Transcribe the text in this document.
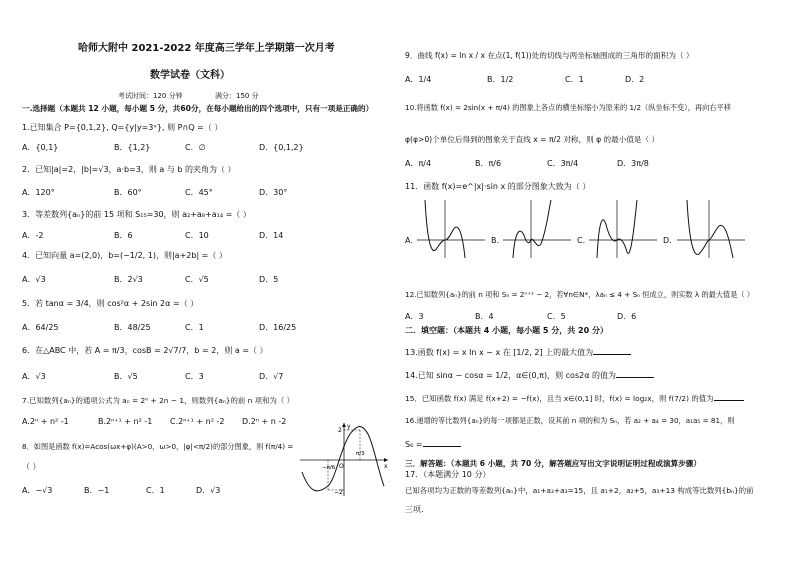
哈师大附中 2021-2022 年度高三学年上学期第一次月考
数学试卷（文科）
考试时间：120 分钟	满分：150 分
一.选择题（本题共 12 小题，每小题 5 分，共60分，在每小题给出的四个选项中，只有一项是正确的）
1.已知集合 P={0,1,2}, Q={y|y=3ˣ}, 则 P∩Q =（ ）
A．{0,1}	B．{1,2}	C．∅	D．{0,1,2}
2．已知|a|=2，|b|=√3，a·b=3，则 a 与 b 的夹角为（ ）
A．120°	B．60°	C．45°	D．30°
3．等差数列{aₙ}的前 15 项和 S₁₅=30，则 a₂+a₈+a₁₄ =（ ）
A．-2	B．6	C．10	D．14
4．已知向量 a=(2,0)，b=(−1/2, 1)，则|a+2b| =（ ）
A．√3	B．2√3	C．√5	D．5
5．若 tanα = 3/4，则 cos²α + 2sin 2α =（ ）
A．64/25	B．48/25	C．1	D．16/25
6．在△ABC 中，若 A = π/3，cosB = 2√7/7，b = 2，则 a =（ ）
A．√3	B．√5	C．3	D．√7
7.已知数列{aₙ}的通项公式为 aₙ = 2ⁿ + 2n − 1，则数列{aₙ}的前 n 项和为（ ）
A.2ⁿ + n² -1	B.2ⁿ⁺¹ + n² -1 C.2ⁿ⁺¹ + n² -2 D.2ⁿ + n -2
8．如图是函数 f(x)=Acos(ωx+φ)(A>0，ω>0，|φ|<π/2)的部分图象，则 f(π/4) =
（ ）
A．−√3	B．−1	C．1	D．√3
2
−2
−π/6
π/3
O	x
y
9．曲线 f(x) = ln x / x 在点(1, f(1))处的切线与两坐标轴围成的三角形的面积为（ ）
A．1/4	B．1/2	C．1	D．2
10.将函数 f(x) = 2sin(x + π/4) 的图象上各点的横坐标缩小为原来的 1/2（纵坐标不变），再向右平移
φ(φ>0)个单位后得到的图象关于直线 x = π/2 对称，则 φ 的最小值是（ ）
A．π/4	B．π/6	C．3π/4	D．3π/8
11．函数 f(x)=e^|x|·sin x 的部分图象大致为（ ）
A.	B.	C.	D.
12.已知数列{aₙ}的前 n 项和 Sₙ = 2ⁿ⁺¹ − 2，若∀n∈N*，λaₙ ≤ 4 + Sₙ 恒成立，则实数 λ 的最大值是（ ）
A．3	B．4	C．5	D．6
二．填空题：（本题共 4 小题，每小题 5 分，共 20 分）
13.函数 f(x) = x ln x − x 在 [1/2, 2] 上的最大值为
14.已知 sinα − cosα = 1/2，α∈(0,π)，则 cos2α 的值为
15．已知函数 f(x) 满足 f(x+2) = −f(x)，且当 x∈(0,1] 时，f(x) = log₂x，则 f(7/2) 的值为
16.递增的等比数列{aₙ}的每一项都是正数，设其前 n 项的和为 Sₙ，若 a₂ + a₄ = 30，a₁a₅ = 81，则
S₆ =
三．解答题：（本题共 6 小题，共 70 分，解答题应写出文字说明证明过程或演算步骤）
17．（本题满分 10 分）
已知各项均为正数的等差数列{aₙ}中，a₁+a₂+a₃=15，且 a₁+2，a₂+5，a₃+13 构成等比数列{bₙ}的前
三项.
